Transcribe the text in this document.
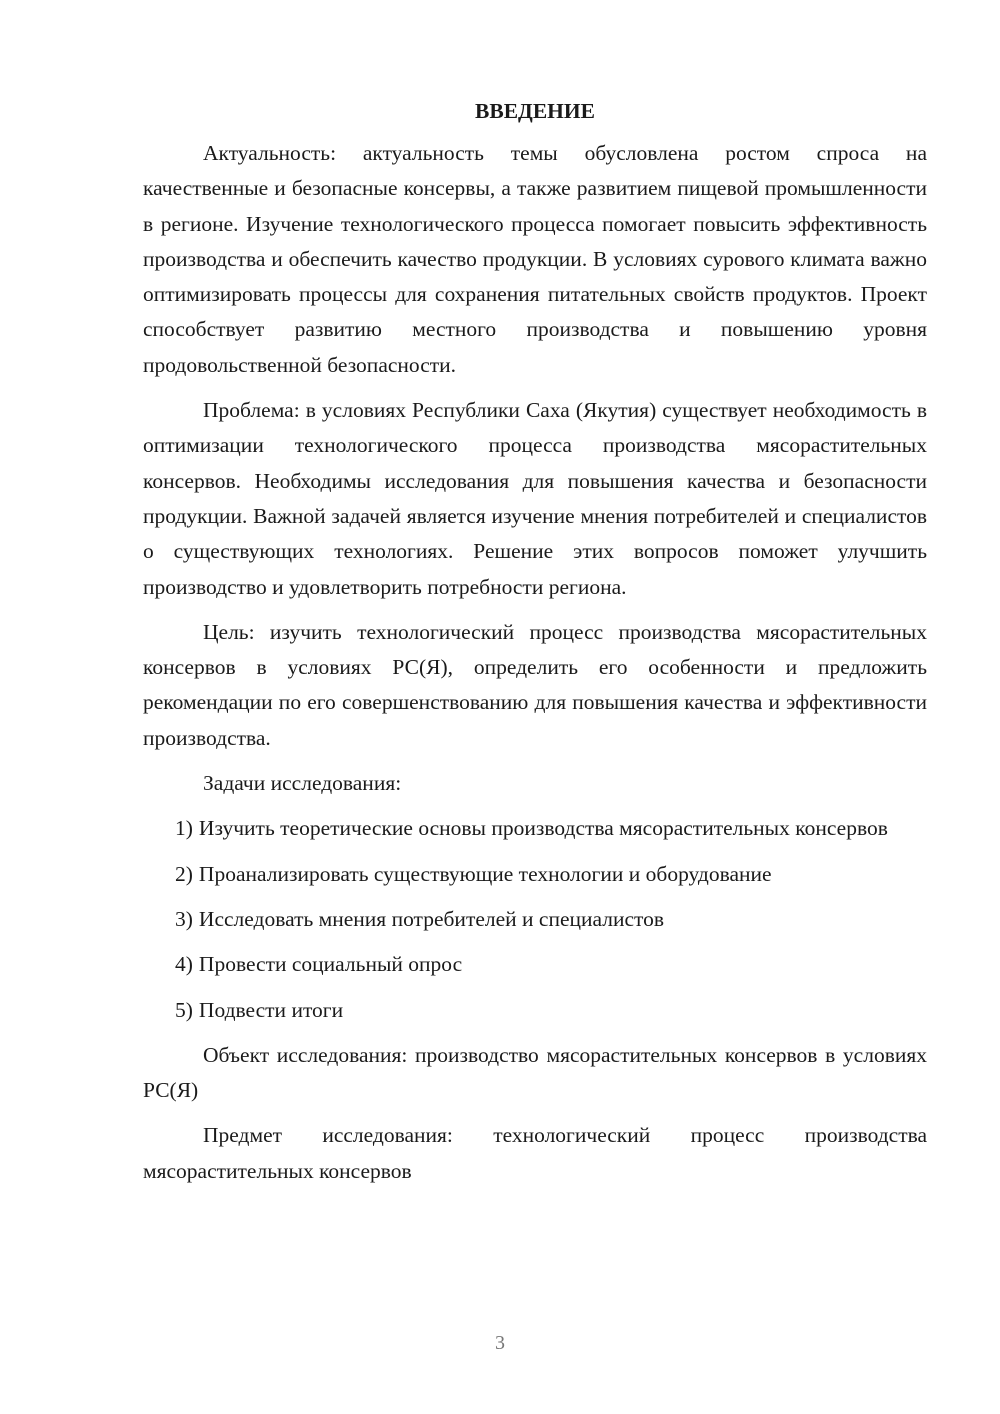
ВВЕДЕНИЕ

Актуальность: актуальность темы обусловлена ростом спроса на качественные и безопасные консервы, а также развитием пищевой промышленности в регионе. Изучение технологического процесса помогает повысить эффективность производства и обеспечить качество продукции. В условиях сурового климата важно оптимизировать процессы для сохранения питательных свойств продуктов. Проект способствует развитию местного производства и повышению уровня продовольственной безопасности.

Проблема: в условиях Республики Саха (Якутия) существует необходимость в оптимизации технологического процесса производства мясорастительных консервов. Необходимы исследования для повышения качества и безопасности продукции. Важной задачей является изучение мнения потребителей и специалистов о существующих технологиях. Решение этих вопросов поможет улучшить производство и удовлетворить потребности региона.

Цель: изучить технологический процесс производства мясорастительных консервов в условиях РС(Я), определить его особенности и предложить рекомендации по его совершенствованию для повышения качества и эффективности производства.

Задачи исследования:

1) Изучить теоретические основы производства мясорастительных консервов
2) Проанализировать существующие технологии и оборудование
3) Исследовать мнения потребителей и специалистов
4) Провести социальный опрос
5) Подвести итоги

Объект исследования: производство мясорастительных консервов в условиях РС(Я)

Предмет исследования: технологический процесс производства мясорастительных консервов

3
